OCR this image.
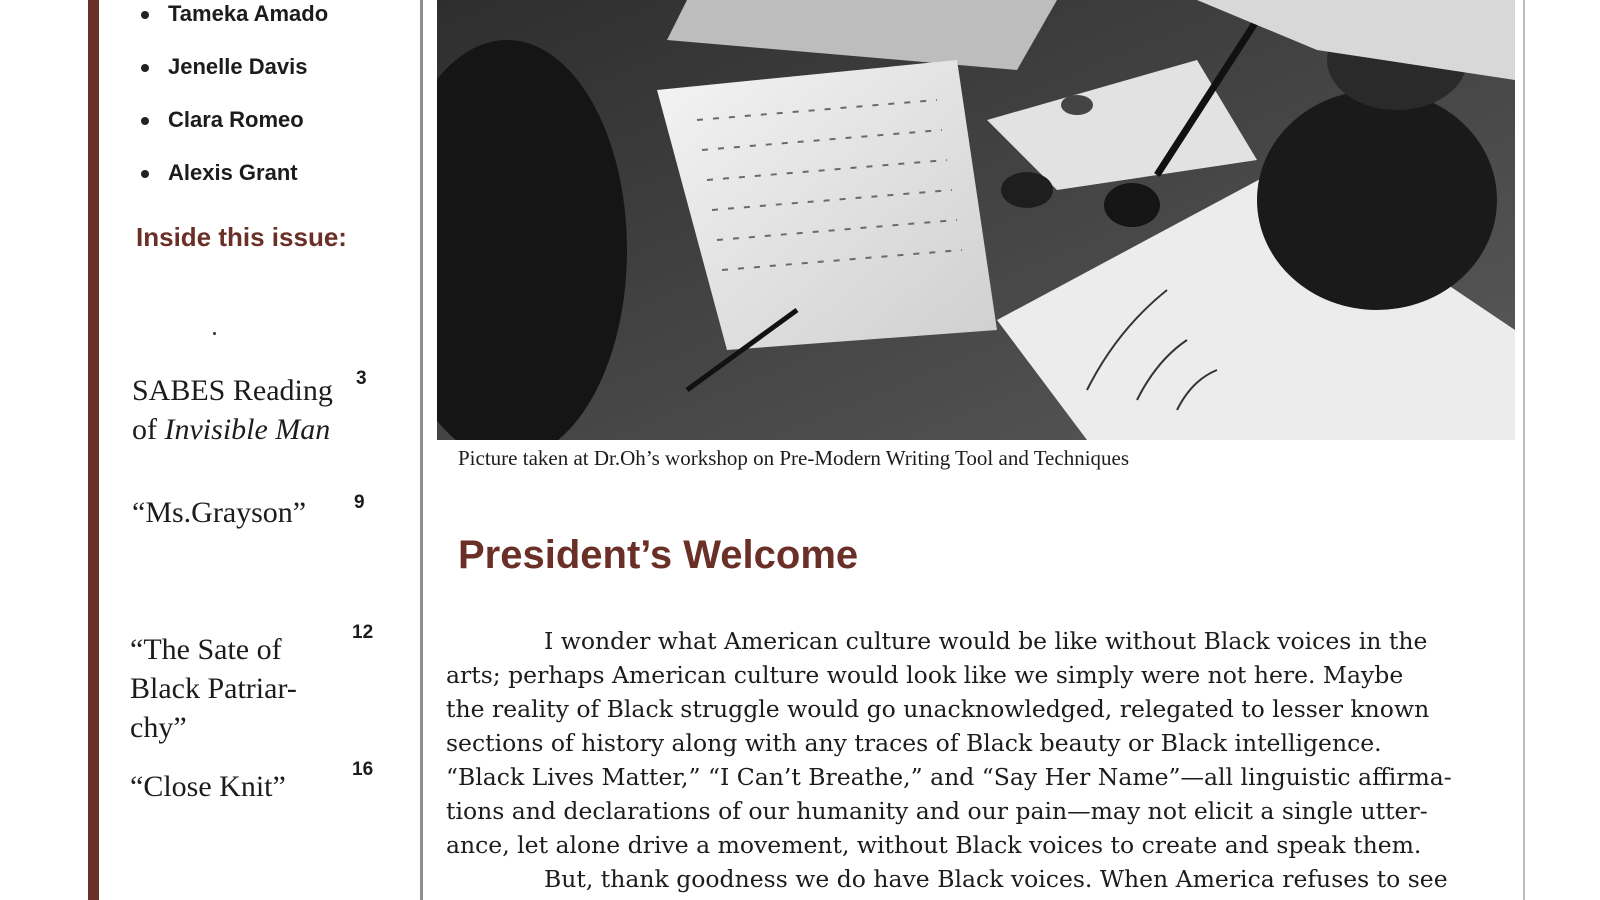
Tameka Amado
Jenelle Davis
Clara Romeo
Alexis Grant
Inside this issue:
SABES Reading
of Invisible Man
3
“Ms.Grayson”	9
“The Sate of
Black Patriar-
chy”
12
“Close Knit”
16

Picture taken at Dr.Oh’s workshop on Pre-Modern Writing Tool and Techniques

President’s Welcome
I wonder what American culture would be like without Black voices in the
arts; perhaps American culture would look like we simply were not here. Maybe
the reality of Black struggle would go unacknowledged, relegated to lesser known
sections of history along with any traces of Black beauty or Black intelligence.
“Black Lives Matter,” “I Can’t Breathe,” and “Say Her Name”—all linguistic affirma-
tions and declarations of our humanity and our pain—may not elicit a single utter-
ance, let alone drive a movement, without Black voices to create and speak them.
But, thank goodness we do have Black voices. When America refuses to see
